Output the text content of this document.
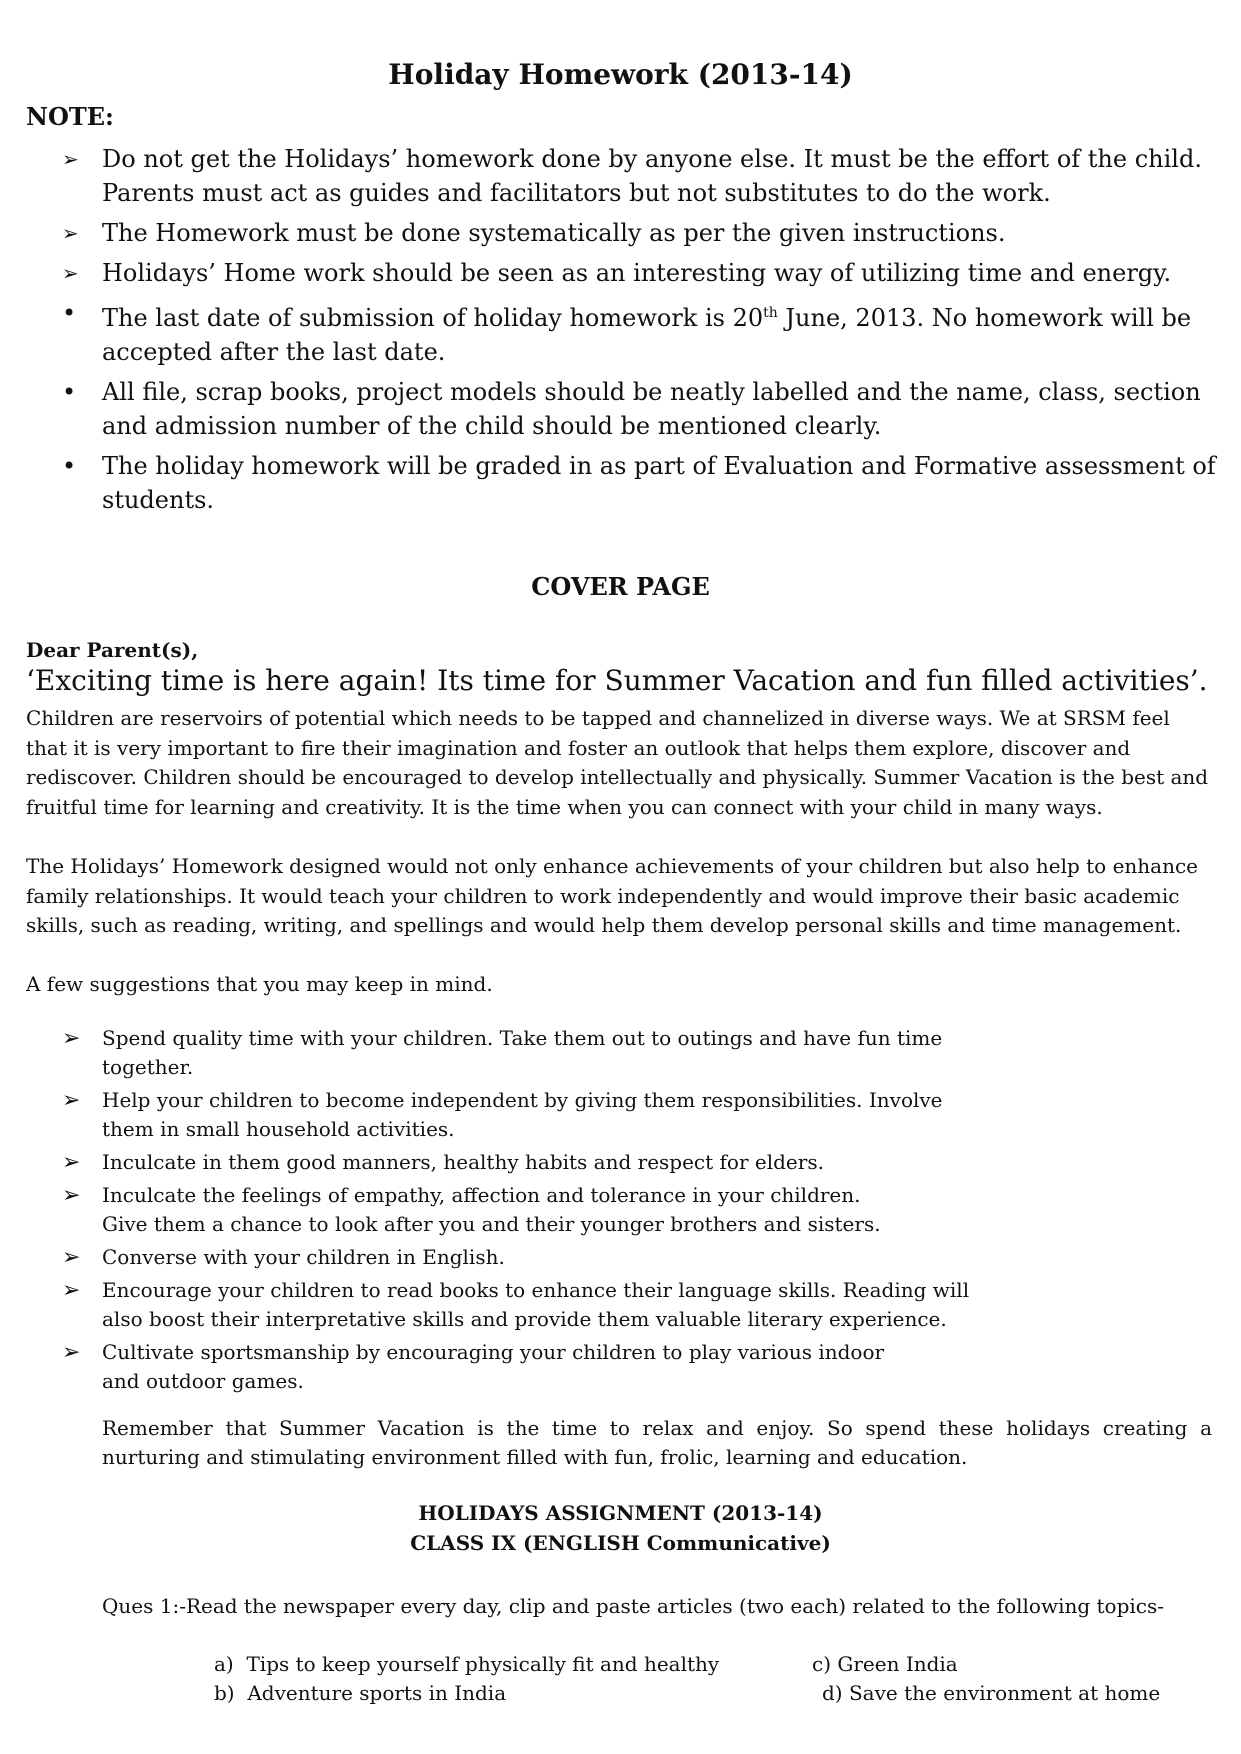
Holiday Homework (2013-14)
NOTE:
➢ Do not get the Holidays’ homework done by anyone else. It must be the effort of the child. Parents must act as guides and facilitators but not substitutes to do the work.
➢ The Homework must be done systematically as per the given instructions.
➢ Holidays’ Home work should be seen as an interesting way of utilizing time and energy.
•	The last date of submission of holiday homework is 20th June, 2013. No homework will be accepted after the last date.
•	All file, scrap books, project models should be neatly labelled and the name, class, section and admission number of the child should be mentioned clearly.
•	The holiday homework will be graded in as part of Evaluation and Formative assessment of students.
COVER PAGE
Dear Parent(s),
‘Exciting time is here again! Its time for Summer Vacation and fun filled activities’.

Children are reservoirs of potential which needs to be tapped and channelized in diverse ways. We at SRSM feel that it is very important to fire their imagination and foster an outlook that helps them explore, discover and rediscover. Children should be encouraged to develop intellectually and physically. Summer Vacation is the best and fruitful time for learning and creativity. It is the time when you can connect with your child in many ways.

The Holidays’ Homework designed would not only enhance achievements of your children but also help to enhance family relationships. It would teach your children to work independently and would improve their basic academic skills, such as reading, writing, and spellings and would help them develop personal skills and time management.

A few suggestions that you may keep in mind.

➢ Spend quality time with your children. Take them out to outings and have fun time
together.
➢ Help your children to become independent by giving them responsibilities. Involve
them in small household activities.
➢ Inculcate in them good manners, healthy habits and respect for elders.
➢ Inculcate the feelings of empathy, affection and tolerance in your children.
Give them a chance to look after you and their younger brothers and sisters.
➢ Converse with your children in English.
➢ Encourage your children to read books to enhance their language skills. Reading will
also boost their interpretative skills and provide them valuable literary experience.
➢ Cultivate sportsmanship by encouraging your children to play various indoor
and outdoor games.

Remember that Summer Vacation is the time to relax and enjoy. So spend these holidays creating a nurturing and stimulating environment filled with fun, frolic, learning and education.

HOLIDAYS ASSIGNMENT (2013-14)
CLASS IX (ENGLISH Communicative)

Ques 1:-Read the newspaper every day, clip and paste articles (two each) related to the following topics-

a) Tips to keep yourself physically fit and healthy
b) Adventure sports in India
c) Green India
d) Save the environment at home
